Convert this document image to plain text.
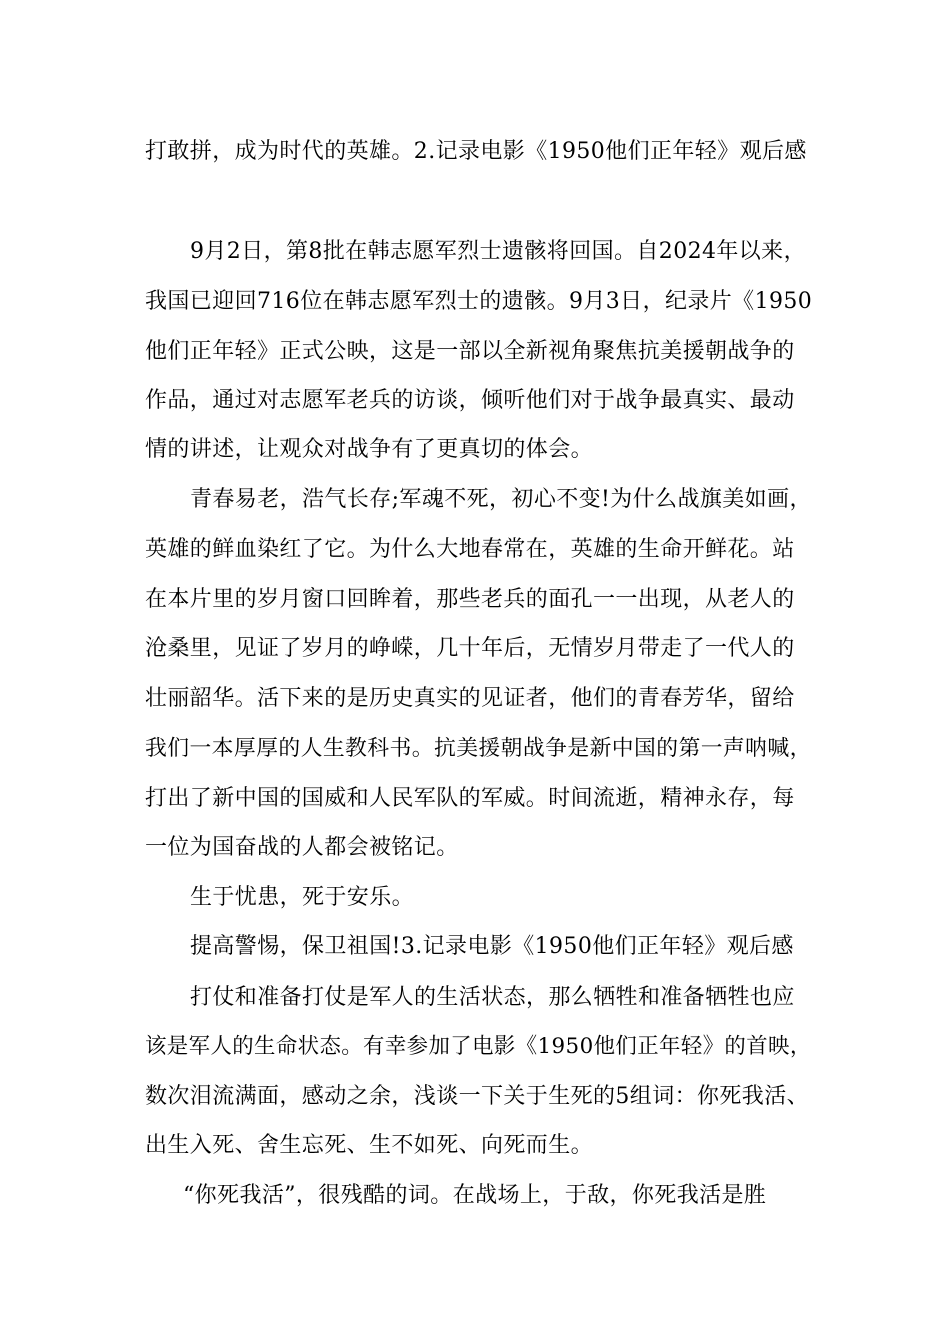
打敢拼，成为时代的英雄。2.记录电影《1950他们正年轻》观后感
9月2日，第8批在韩志愿军烈士遗骸将回国。自2024年以来，
我国已迎回716位在韩志愿军烈士的遗骸。9月3日，纪录片《1950
他们正年轻》正式公映，这是一部以全新视角聚焦抗美援朝战争的
作品，通过对志愿军老兵的访谈，倾听他们对于战争最真实、最动
情的讲述，让观众对战争有了更真切的体会。
青春易老，浩气长存;军魂不死，初心不变!为什么战旗美如画，
英雄的鲜血染红了它。为什么大地春常在，英雄的生命开鲜花。站
在本片里的岁月窗口回眸着，那些老兵的面孔一一出现，从老人的
沧桑里，见证了岁月的峥嵘，几十年后，无情岁月带走了一代人的
壮丽韶华。活下来的是历史真实的见证者，他们的青春芳华，留给
我们一本厚厚的人生教科书。抗美援朝战争是新中国的第一声呐喊，
打出了新中国的国威和人民军队的军威。时间流逝，精神永存，每
一位为国奋战的人都会被铭记。
生于忧患，死于安乐。
提高警惕，保卫祖国!3.记录电影《1950他们正年轻》观后感
打仗和准备打仗是军人的生活状态，那么牺牲和准备牺牲也应
该是军人的生命状态。有幸参加了电影《1950他们正年轻》的首映，
数次泪流满面，感动之余，浅谈一下关于生死的5组词：你死我活、
出生入死、舍生忘死、生不如死、向死而生。
“你死我活”，很残酷的词。在战场上，于敌，你死我活是胜
